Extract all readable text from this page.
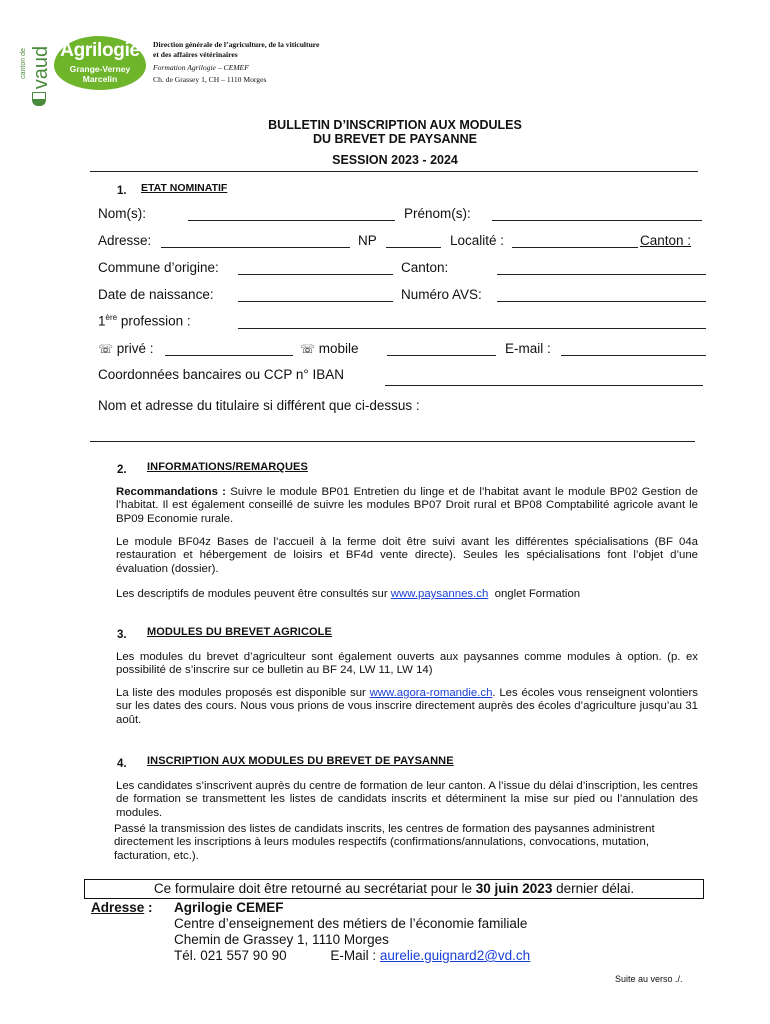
canton de vaud Agrilogie
Grange-Verney
Marcelin
Direction générale de l’agriculture, de la viticulture
et des affaires vétérinaires
Formation Agrilogie – CEMEF
Ch. de Grassey 1, CH – 1110 Morges
BULLETIN D’INSCRIPTION AUX MODULES
DU BREVET DE PAYSANNE
SESSION 2023 - 2024
1. ETAT NOMINATIF
Nom(s):	Prénom(s):
Adresse:	NP	Localité :	Canton :
Commune d’origine:	Canton:
Date de naissance:	Numéro AVS:
1ère profession :
☏ privé :	☏ mobile	E-mail :
Coordonnées bancaires ou CCP n° IBAN
Nom et adresse du titulaire si différent que ci-dessus :
2. INFORMATIONS/REMARQUES
Recommandations : Suivre le module BP01 Entretien du linge et de l’habitat avant le module BP02 Gestion de l’habitat. Il est également conseillé de suivre les modules BP07 Droit rural et BP08 Comptabilité agricole avant le BP09 Economie rurale.
Le module BF04z Bases de l’accueil à la ferme doit être suivi avant les différentes spécialisations (BF 04a restauration et hébergement de loisirs et BF4d vente directe). Seules les spécialisations font l’objet d’une évaluation (dossier).
Les descriptifs de modules peuvent être consultés sur www.paysannes.ch  onglet Formation
3. MODULES DU BREVET AGRICOLE
Les modules du brevet d’agriculteur sont également ouverts aux paysannes comme modules à option. (p. ex possibilité de s’inscrire sur ce bulletin au BF 24, LW 11, LW 14)
La liste des modules proposés est disponible sur www.agora-romandie.ch. Les écoles vous renseignent volontiers sur les dates des cours. Nous vous prions de vous inscrire directement auprès des écoles d’agriculture jusqu’au 31 août.
4. INSCRIPTION AUX MODULES DU BREVET DE PAYSANNE
Les candidates s’inscrivent auprès du centre de formation de leur canton. A l’issue du délai d’inscription, les centres de formation se transmettent les listes de candidats inscrits et déterminent la mise sur pied ou l’annulation des modules.
Passé la transmission des listes de candidats inscrits, les centres de formation des paysannes administrent directement les inscriptions à leurs modules respectifs (confirmations/annulations, convocations, mutation, facturation, etc.).
Ce formulaire doit être retourné au secrétariat pour le 30 juin 2023 dernier délai.
Adresse : Agrilogie CEMEF
Centre d’enseignement des métiers de l’économie familiale
Chemin de Grassey 1, 1110 Morges
Tél. 021 557 90 90	E-Mail : aurelie.guignard2@vd.ch
Suite au verso ./.
